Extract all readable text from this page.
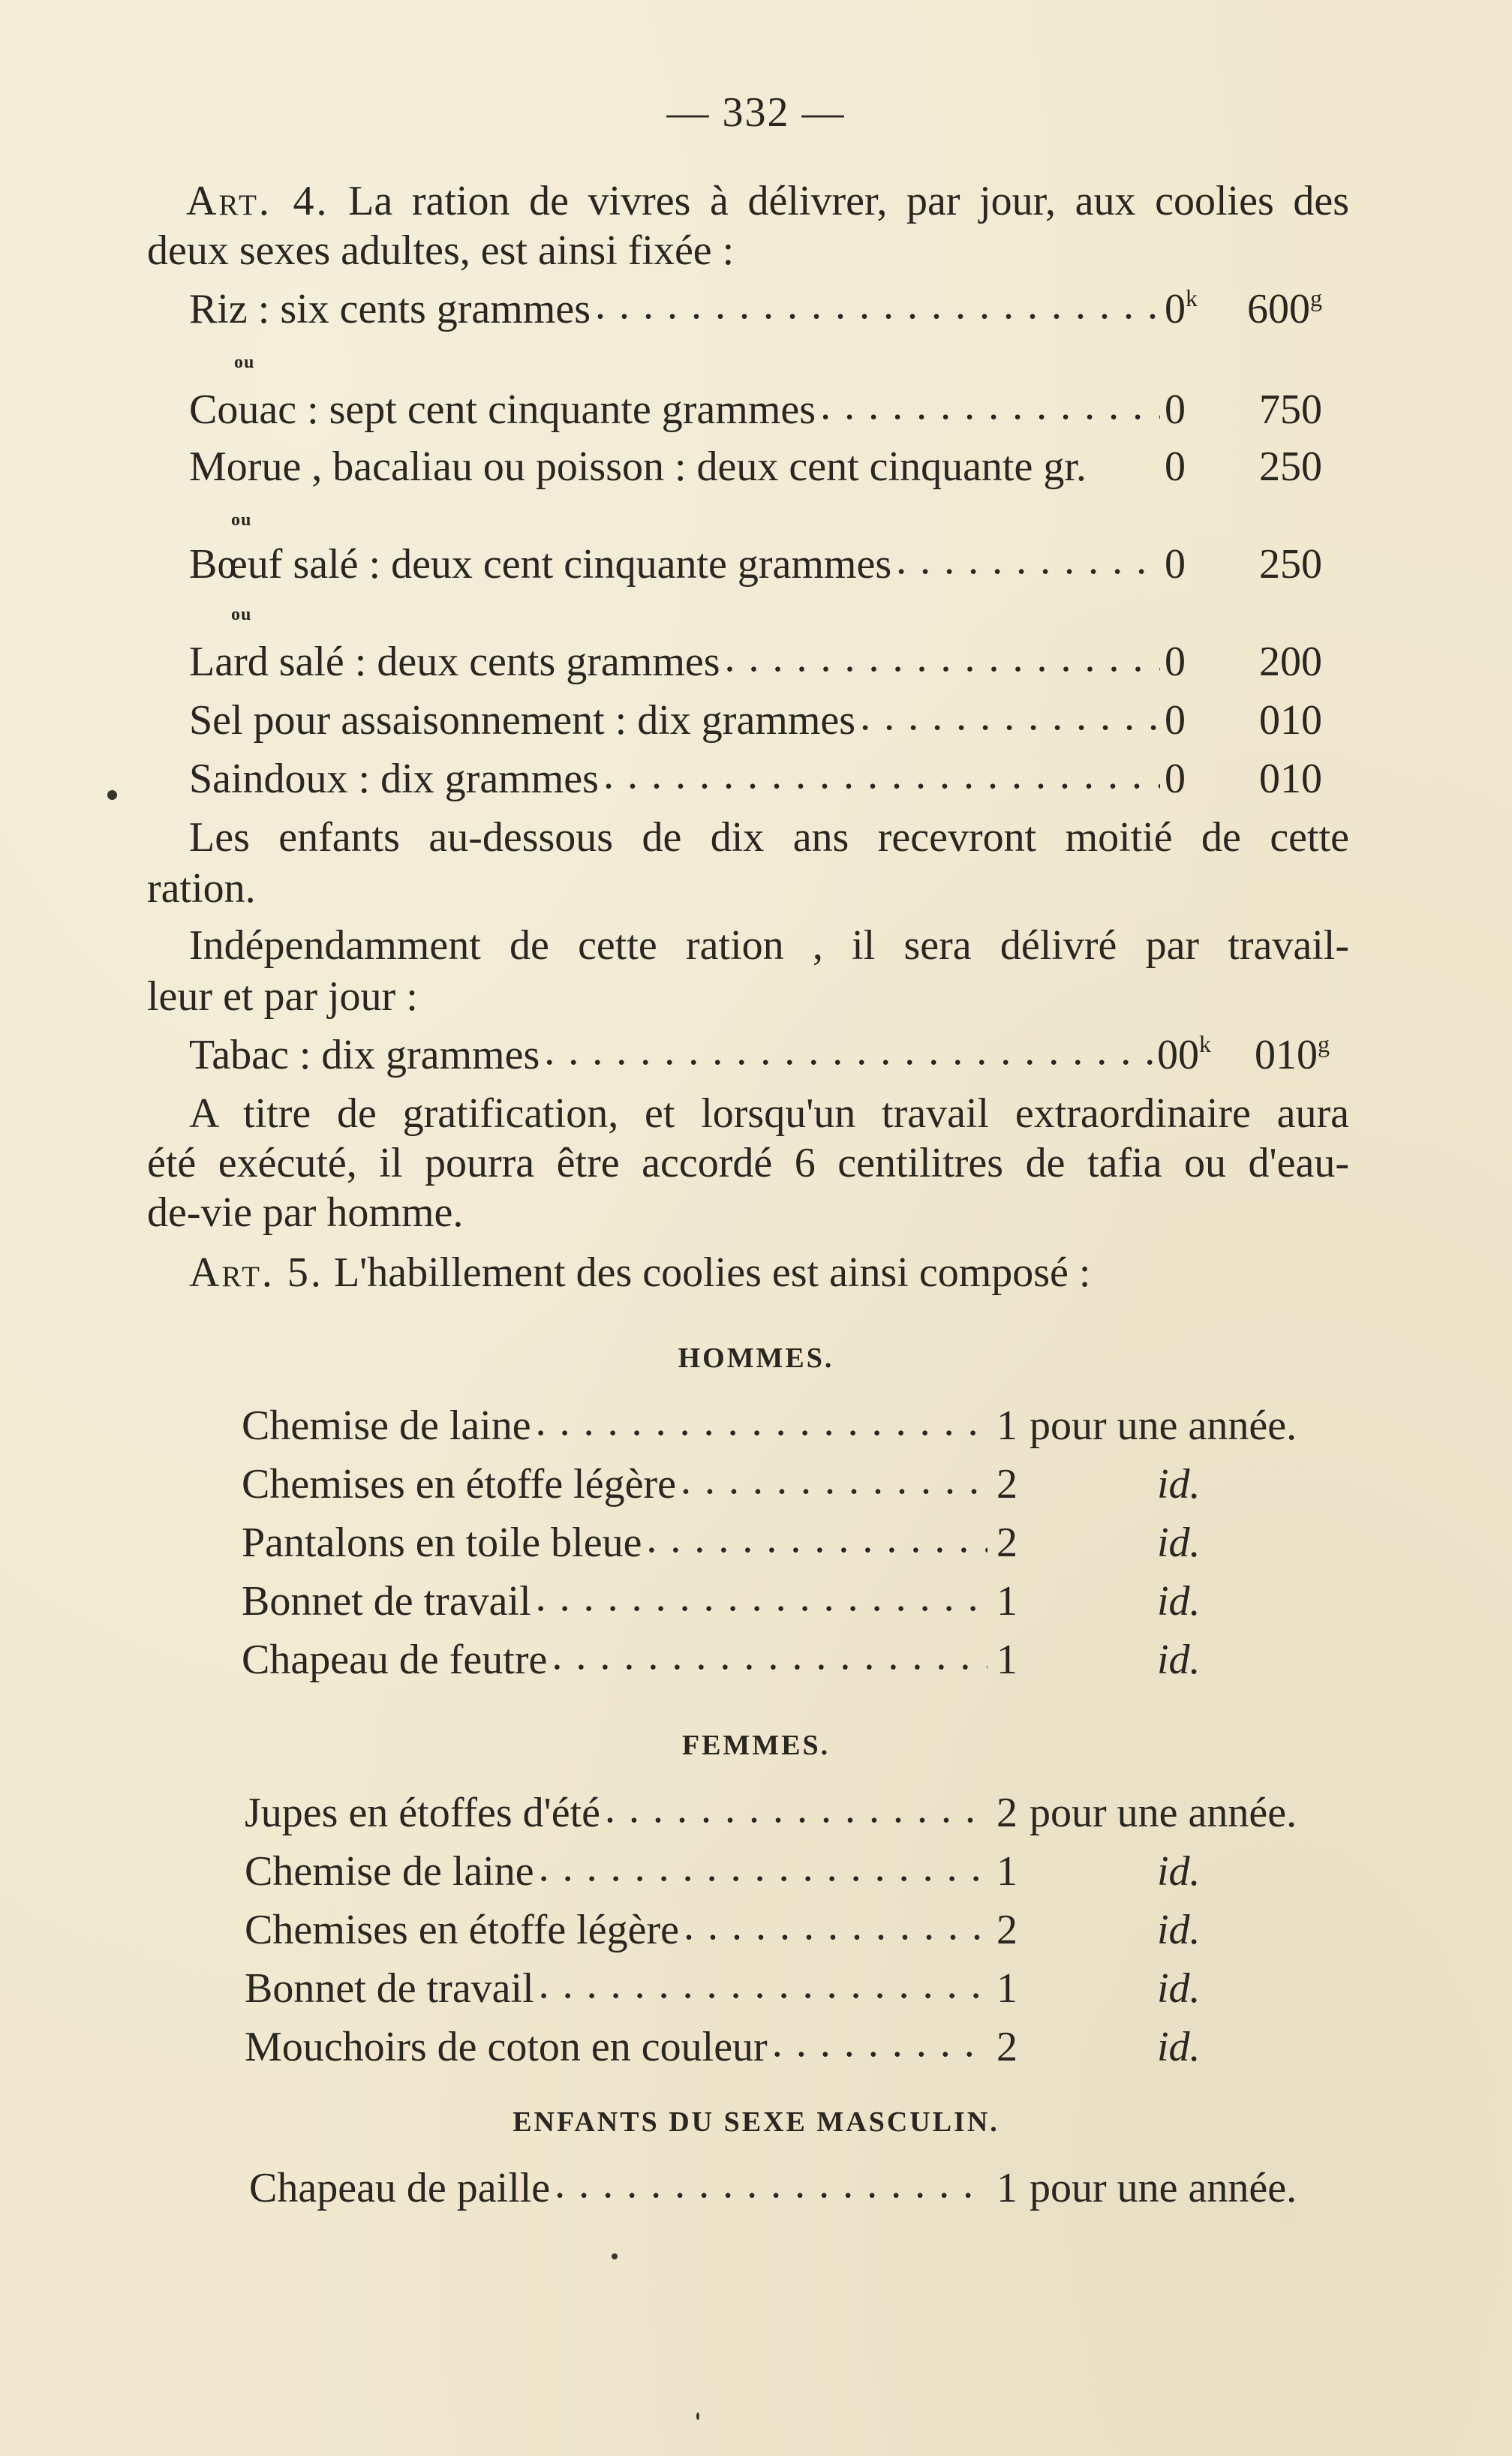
— 332 —
Art. 4. La ration de vivres à délivrer, par jour, aux coolies des
deux sexes adultes, est ainsi fixée :
Riz : six cents grammes . . .	0$^k$	600$^g$
ou
Couac : sept cent cinquante grammes . . .	0	750
Morue , bacaliau ou poisson : deux cent cinquante gr. 0	250
ou
Bœuf salé : deux cent cinquante grammes . . .	0	250
ou
Lard salé : deux cents grammes . . .	0	200
Sel pour assaisonnement : dix grammes . . .	0	010
Saindoux : dix grammes . . .	0	010
Les enfants au-dessous de dix ans recevront moitié de cette
ration.
Indépendamment de cette ration , il sera délivré par travail-
leur et par jour :
Tabac : dix grammes . . .	00$^k$	010$^g$
A titre de gratification, et lorsqu'un travail extraordinaire aura
été exécuté, il pourra être accordé 6 centilitres de tafia ou d'eau-
de-vie par homme.
Art. 5. L'habillement des coolies est ainsi composé :
HOMMES.
Chemise de laine . . .	1 pour une année.
Chemises en étoffe légère . . .	2	id.
Pantalons en toile bleue . . .	2	id.
Bonnet de travail . . .	1	id.
Chapeau de feutre . . .	1	id.
FEMMES.
Jupes en étoffes d'été . . .	2 pour une année.
Chemise de laine . . .	1	id.
Chemises en étoffe légère . . .	2	id.
Bonnet de travail . . .	1	id.
Mouchoirs de coton en couleur . . .	2	id.
ENFANTS DU SEXE MASCULIN.
Chapeau de paille . . .	1 pour une année.
